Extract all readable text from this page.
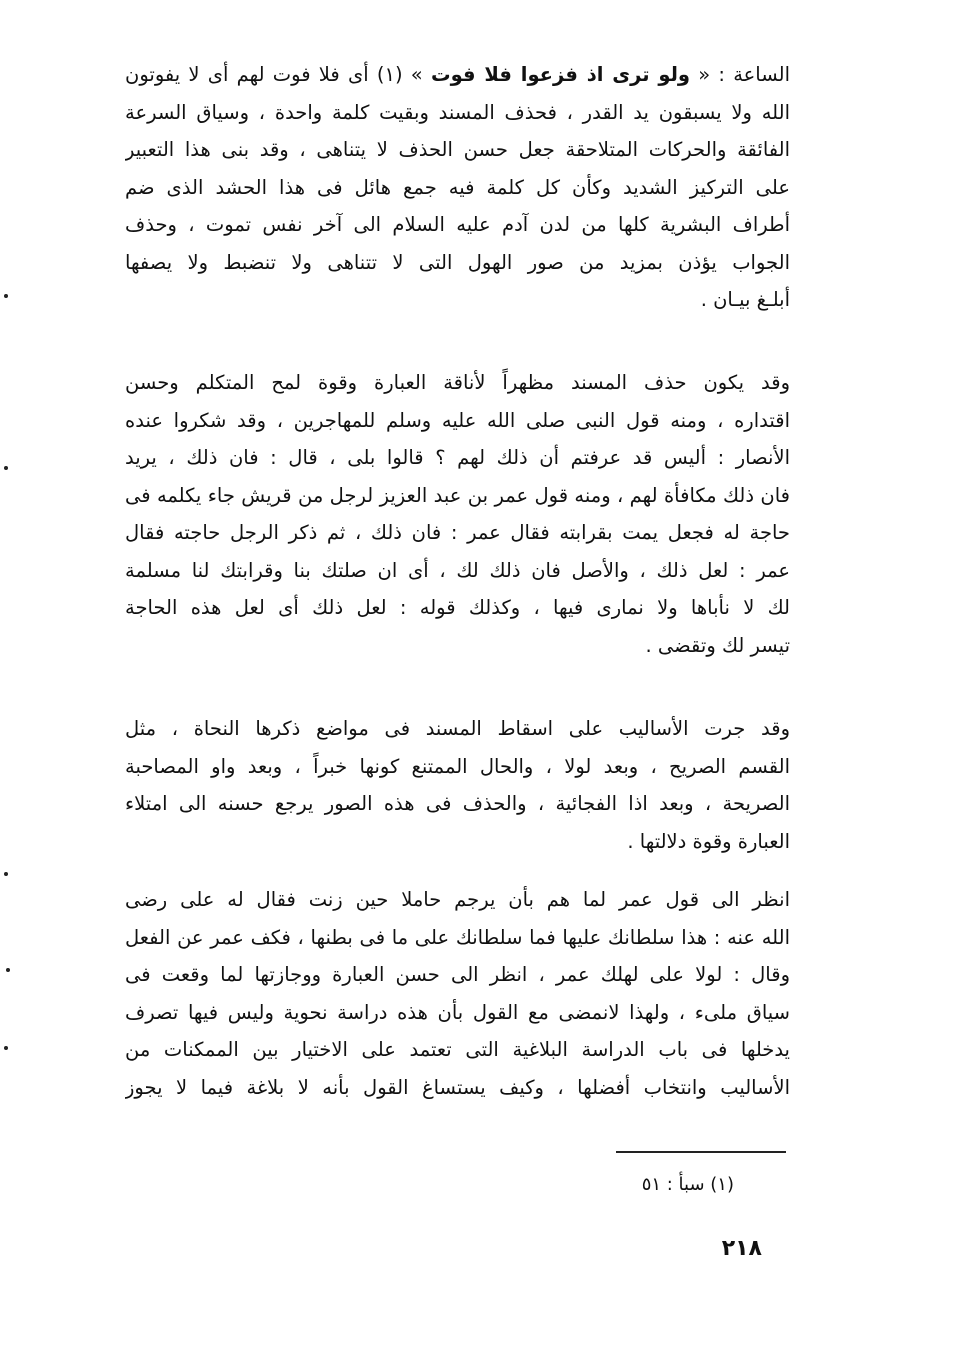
الساعة : « ولو ترى اذ فزعوا فلا فوت » (١) أى فلا فوت لهم أى لا يفوتون
الله ولا يسبقون يد القدر ، فحذف المسند وبقيت كلمة واحدة ، وسياق السرعة
الفائقة والحركات المتلاحقة جعل حسن الحذف لا يتناهى ، وقد بنى هذا التعبير
على التركيز الشديد وكأن كل كلمة فيه جمع هائل فى هذا الحشد الذى ضم
أطراف البشرية كلها من لدن آدم عليه السلام الى آخر نفس تموت ، وحذف
الجواب يؤذن بمزيد من صور الهول التى لا تتناهى ولا تنضبط ولا يصفها
أبلـغ بيـان .

وقد يكون حذف المسند مظهراً لأناقة العبارة وقوة لمح المتكلم وحسن
اقتداره ، ومنه قول النبى صلى الله عليه وسلم للمهاجرين ، وقد شكروا عنده
الأنصار : أليس قد عرفتم أن ذلك لهم ؟ قالوا بلى ، قال : فان ذلك ، يريد
فان ذلك مكافأة لهم ، ومنه قول عمر بن عبد العزيز لرجل من قريش جاء يكلمه فى
حاجة له فجعل يمت بقرابته فقال عمر : فان ذلك ، ثم ذكر الرجل حاجته فقال
عمر : لعل ذلك ، والأصل فان ذلك لك ، أى ان صلتك بنا وقرابتك لنا مسلمة
لك لا نأباها ولا نمارى فيها ، وكذلك قوله : لعل ذلك أى لعل هذه الحاجة
تيسر لك وتقضى .

وقد جرت الأساليب على اسقاط المسند فى مواضع ذكرها النحاة ، مثل
القسم الصريح ، وبعد لولا ، والحال الممتنع كونها خبراً ، وبعد واو المصاحبة
الصريحة ، وبعد اذا الفجائية ، والحذف فى هذه الصور يرجع حسنه الى امتلاء
العبارة وقوة دلالتها .

انظر الى قول عمر لما هم بأن يرجم حاملا حين زنت فقال له على رضى
الله عنه : هذا سلطانك عليها فما سلطانك على ما فى بطنها ، فكف عمر عن الفعل
وقال : لولا على لهلك عمر ، انظر الى حسن العبارة ووجازتها لما وقعت فى
سياق ملىء ، ولهذا لانمضى مع القول بأن هذه دراسة نحوية وليس فيها تصرف
يدخلها فى باب الدراسة البلاغية التى تعتمد على الاختيار بين الممكنات من
الأساليب وانتخاب أفضلها ، وكيف يستساغ القول بأنه لا بلاغة فيما لا يجوز

(١) سبأ : ٥١
٢١٨
